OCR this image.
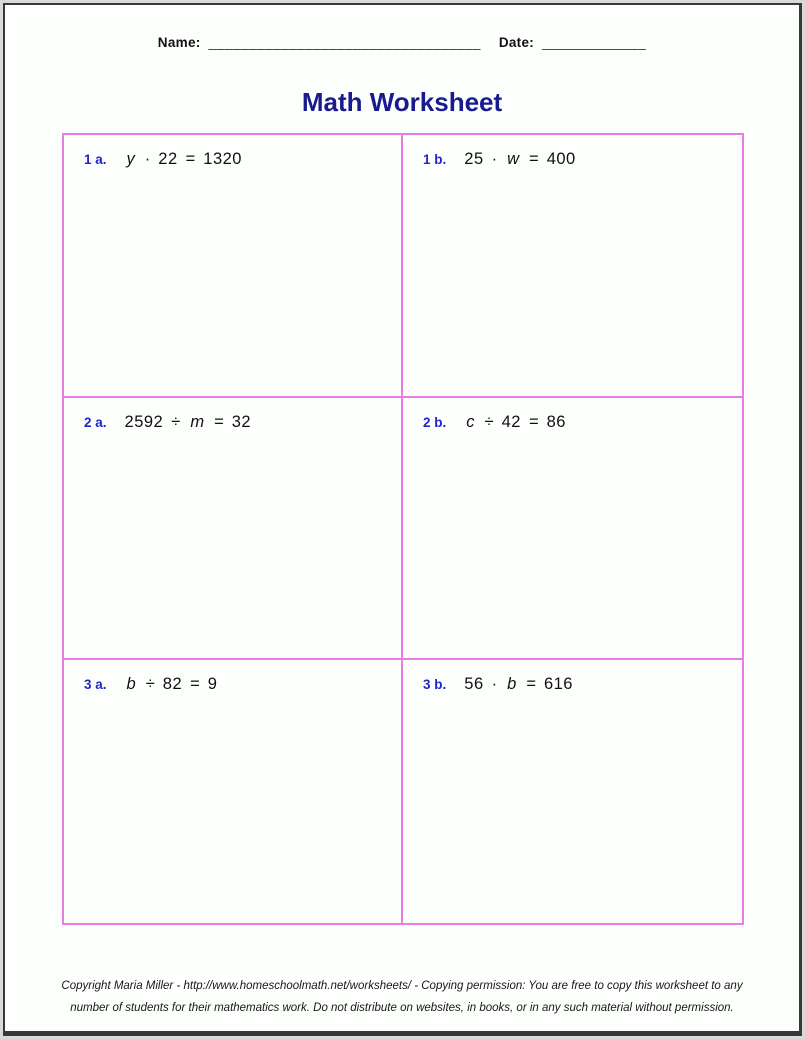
Name: __________________________________ Date: _____________
Math Worksheet
1 a. y · 22 = 1320	1 b. 25 · w = 400
2 a. 2592 ÷ m = 32	2 b. c ÷ 42 = 86
3 a. b ÷ 82 = 9	3 b. 56 · b = 616
Copyright Maria Miller - http://www.homeschoolmath.net/worksheets/ - Copying permission: You are free to copy this worksheet to any
number of students for their mathematics work. Do not distribute on websites, in books, or in any such material without permission.
